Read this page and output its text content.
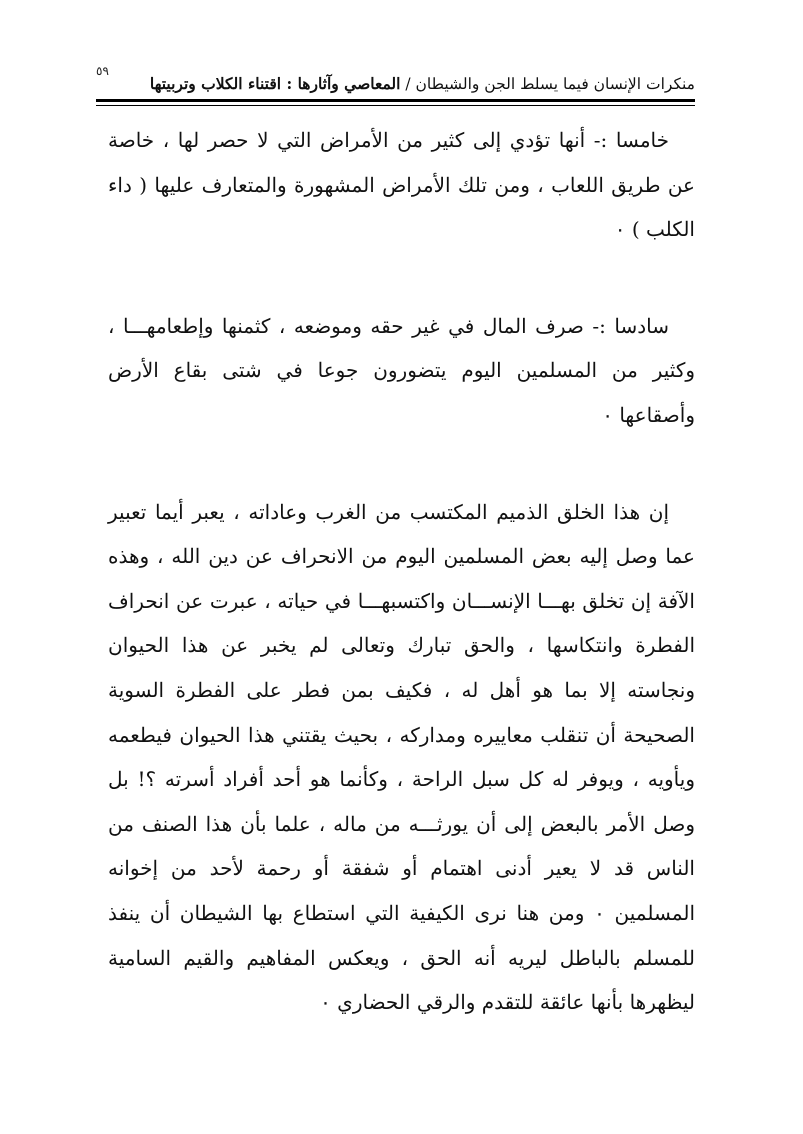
٥٩
منكرات الإنسان فيما يسلط الجن والشيطان / المعاصي وآثارها : اقتناء الكلاب وتربيتها

خامسا :- أنها تؤدي إلى كثير من الأمراض التي لا حصر لها ، خاصة عن طريق اللعاب ، ومن تلك الأمراض المشهورة والمتعارف عليها ( داء الكلب ) ٠

سادسا :- صرف المال في غير حقه وموضعه ، كثمنها وإطعامهـــا ، وكثير من المسلمين اليوم يتضورون جوعا في شتى بقاع الأرض وأصقاعها ٠

إن هذا الخلق الذميم المكتسب من الغرب وعاداته ، يعبر أيما تعبير عما وصل إليه بعض المسلمين اليوم من الانحراف عن دين الله ، وهذه الآفة إن تخلق بهـــا الإنســـان واكتسبهـــا في حياته ، عبرت عن انحراف الفطرة وانتكاسها ، والحق تبارك وتعالى لم يخبر عن هذا الحيوان ونجاسته إلا بما هو أهل له ، فكيف بمن فطر على الفطرة السوية الصحيحة أن تنقلب معاييره ومداركه ، بحيث يقتني هذا الحيوان فيطعمه ويأويه ، ويوفر له كل سبل الراحة ، وكأنما هو أحد أفراد أسرته ؟! بل وصل الأمر بالبعض إلى أن يورثـــه من ماله ، علما بأن هذا الصنف من الناس قد لا يعير أدنى اهتمام أو شفقة أو رحمة لأحد من إخوانه المسلمين ٠ ومن هنا نرى الكيفية التي استطاع بها الشيطان أن ينفذ للمسلم بالباطل ليريه أنه الحق ، ويعكس المفاهيم والقيم السامية ليظهرها بأنها عائقة للتقدم والرقي الحضاري ٠
